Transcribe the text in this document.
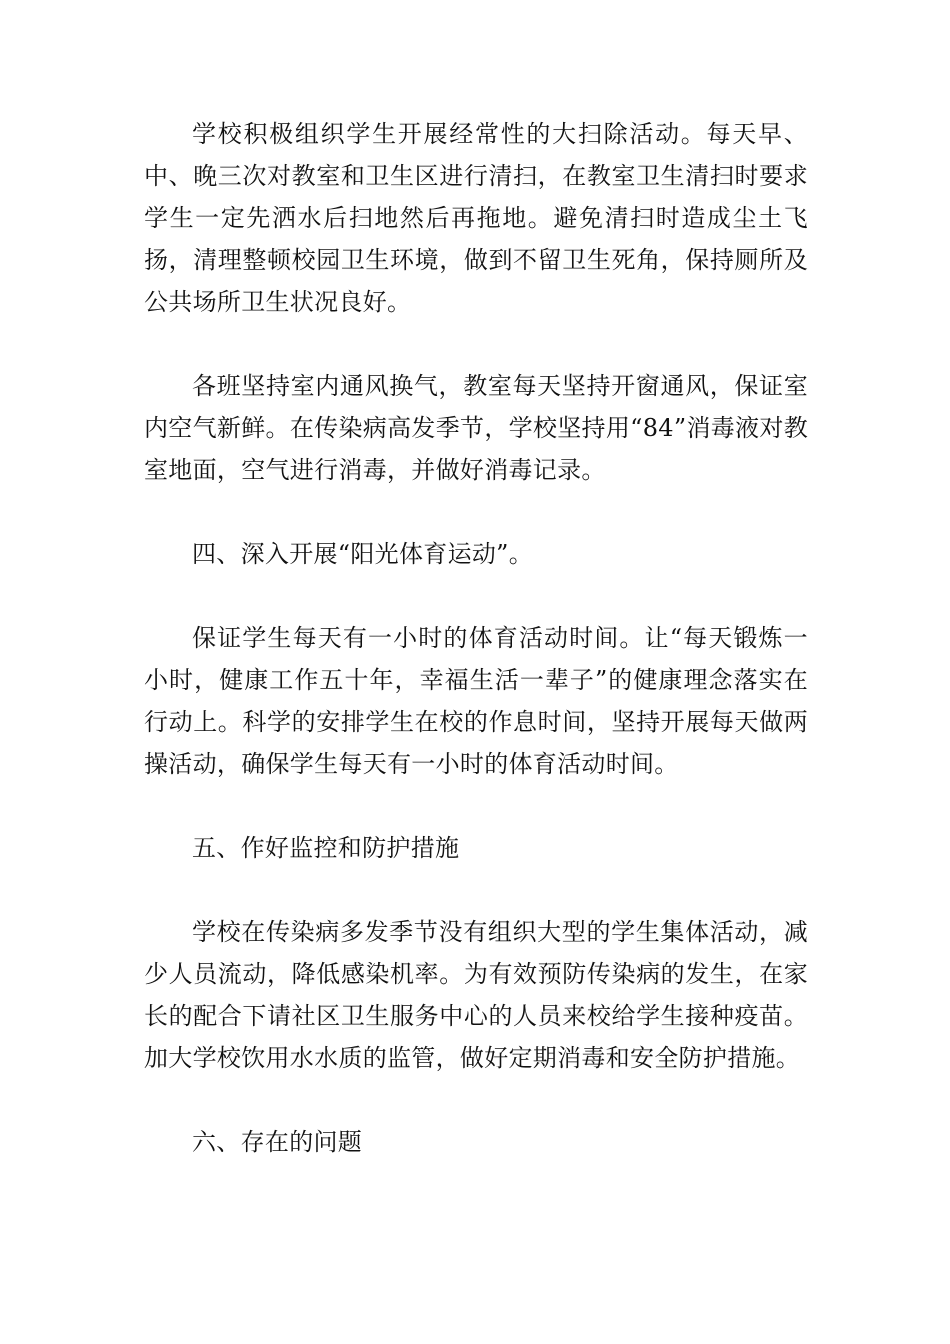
学校积极组织学生开展经常性的大扫除活动。每天早、中、晚三次对教室和卫生区进行清扫，在教室卫生清扫时要求学生一定先洒水后扫地然后再拖地。避免清扫时造成尘土飞扬，清理整顿校园卫生环境，做到不留卫生死角，保持厕所及公共场所卫生状况良好。

各班坚持室内通风换气，教室每天坚持开窗通风，保证室内空气新鲜。在传染病高发季节，学校坚持用“84”消毒液对教室地面，空气进行消毒，并做好消毒记录。

四、深入开展“阳光体育运动”。

保证学生每天有一小时的体育活动时间。让“每天锻炼一小时，健康工作五十年，幸福生活一辈子”的健康理念落实在行动上。科学的安排学生在校的作息时间，坚持开展每天做两操活动，确保学生每天有一小时的体育活动时间。

五、作好监控和防护措施

学校在传染病多发季节没有组织大型的学生集体活动，减少人员流动，降低感染机率。为有效预防传染病的发生，在家长的配合下请社区卫生服务中心的人员来校给学生接种疫苗。加大学校饮用水水质的监管，做好定期消毒和安全防护措施。

六、存在的问题
